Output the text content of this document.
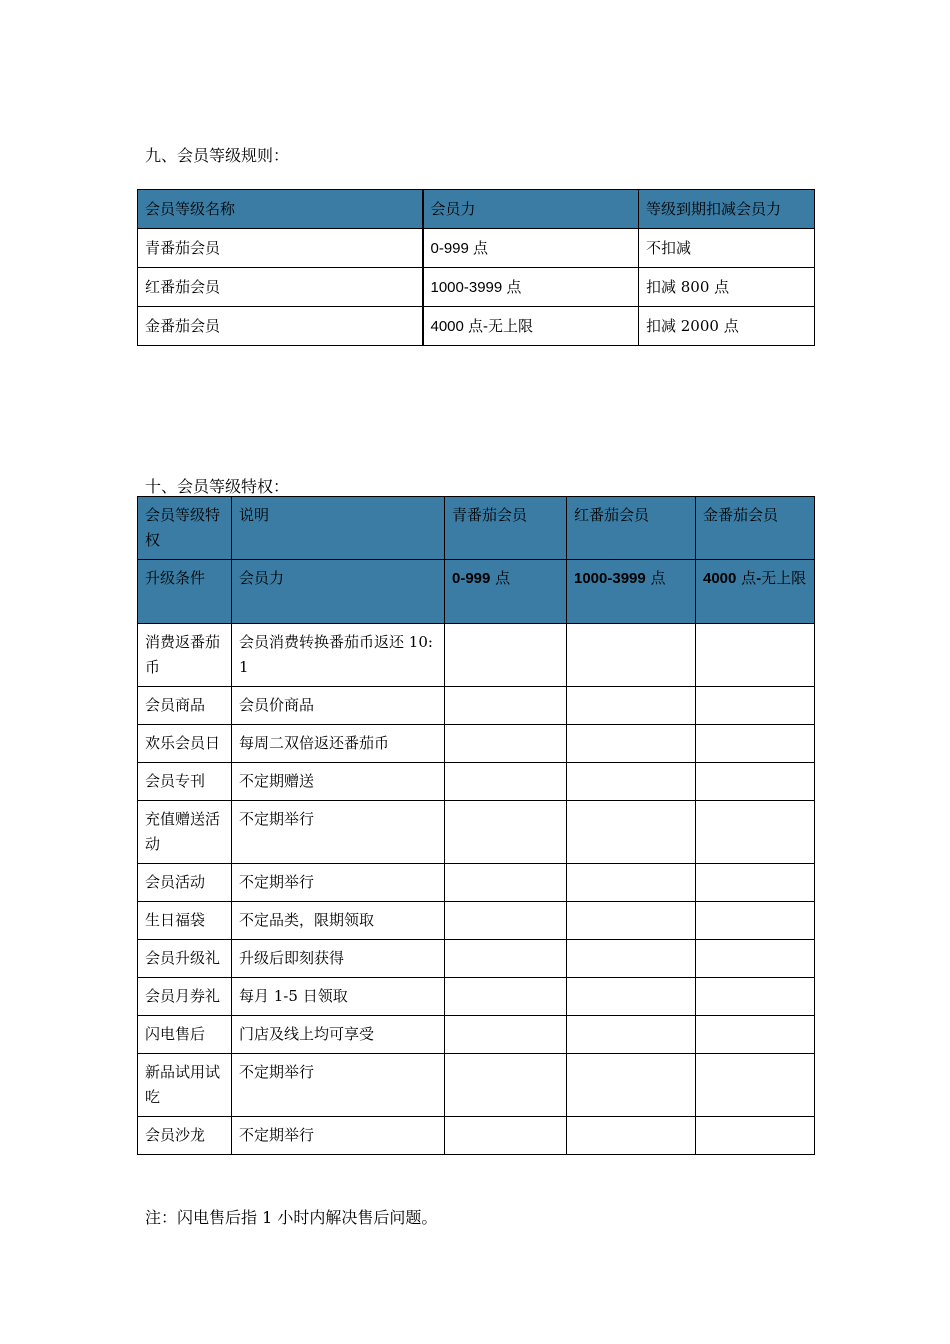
九、会员等级规则：

会员等级名称	会员力	等级到期扣减会员力
青番茄会员	0-999 点	不扣减
红番茄会员	1000-3999 点	扣减 800 点
金番茄会员	4000 点-无上限	扣减 2000 点

十、会员等级特权：

会员等级特权	说明	青番茄会员	红番茄会员	金番茄会员
升级条件	会员力	0-999 点	1000-3999 点	4000 点-无上限
消费返番茄币	会员消费转换番茄币返还 10:1			
会员商品	会员价商品			
欢乐会员日	每周二双倍返还番茄币			
会员专刊	不定期赠送			
充值赠送活动	不定期举行			
会员活动	不定期举行			
生日福袋	不定品类，限期领取			
会员升级礼	升级后即刻获得			
会员月券礼	每月 1-5 日领取			
闪电售后	门店及线上均可享受			
新品试用试吃	不定期举行			
会员沙龙	不定期举行			

注：闪电售后指 1 小时内解决售后问题。
